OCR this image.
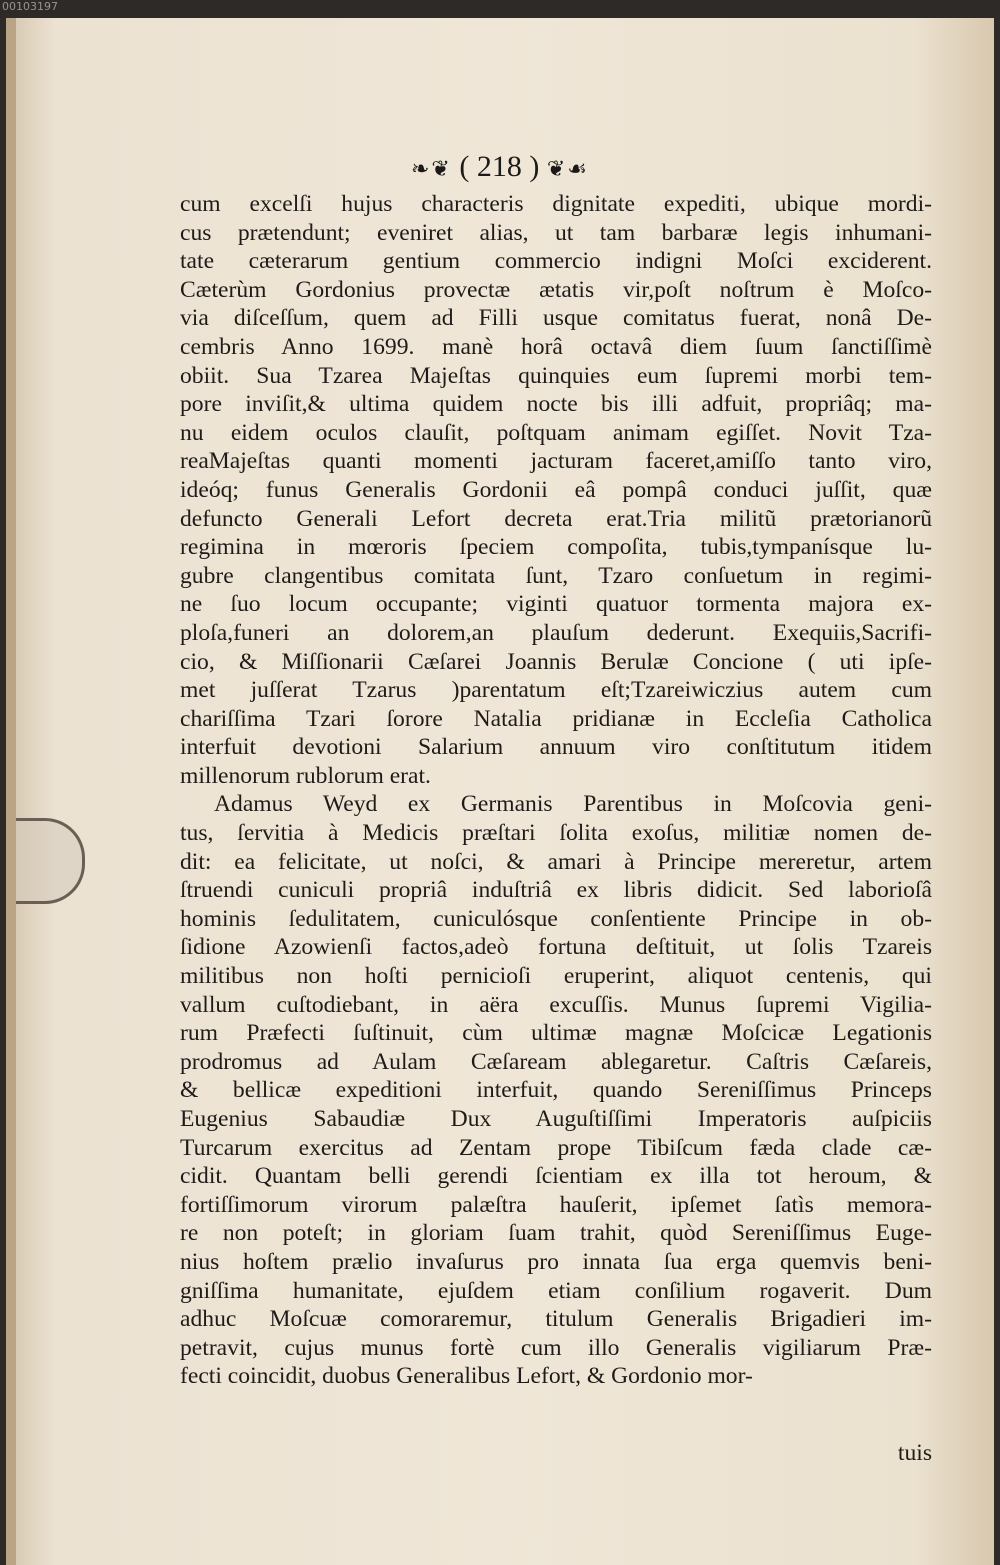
00103197
❧❦ ( 218 ) ❦☙
cum excelſi hujus characteris dignitate expediti, ubique mordi-
cus prætendunt; eveniret alias, ut tam barbaræ legis inhumani-
tate cæterarum gentium commercio indigni Moſci exciderent.
Cæterùm Gordonius provectæ ætatis vir,poſt noſtrum è Moſco-
via diſceſſum, quem ad Filli usque comitatus fuerat, nonâ De-
cembris Anno 1699. manè horâ octavâ diem ſuum ſanctiſſimè
obiit. Sua Tzarea Majeſtas quinquies eum ſupremi morbi tem-
pore inviſit,& ultima quidem nocte bis illi adfuit, propriâq; ma-
nu eidem oculos clauſit, poſtquam animam egiſſet. Novit Tza-
reaMajeſtas quanti momenti jacturam faceret,amiſſo tanto viro,
ideóq; funus Generalis Gordonii eâ pompâ conduci juſſit, quæ
defuncto Generali Lefort decreta erat.Tria militũ prætorianorũ
regimina in mœroris ſpeciem compoſita, tubis,tympanísque lu-
gubre clangentibus comitata ſunt, Tzaro conſuetum in regimi-
ne ſuo locum occupante; viginti quatuor tormenta majora ex-
ploſa,funeri an dolorem,an plauſum dederunt. Exequiis,Sacrifi-
cio, & Miſſionarii Cæſarei Joannis Berulæ Concione ( uti ipſe-
met juſſerat Tzarus )parentatum eſt;Tzareiwiczius autem cum
chariſſima Tzari ſorore Natalia pridianæ in Eccleſia Catholica
interfuit devotioni Salarium annuum viro conſtitutum itidem
millenorum rublorum erat.
Adamus Weyd ex Germanis Parentibus in Moſcovia geni-
tus, ſervitia à Medicis præſtari ſolita exoſus, militiæ nomen de-
dit: ea felicitate, ut noſci, & amari à Principe mereretur, artem
ſtruendi cuniculi propriâ induſtriâ ex libris didicit. Sed laborioſâ
hominis ſedulitatem, cuniculósque conſentiente Principe in ob-
ſidione Azowienſi factos,adeò fortuna deſtituit, ut ſolis Tzareis
militibus non hoſti pernicioſi eruperint, aliquot centenis, qui
vallum cuſtodiebant, in aëra excuſſis. Munus ſupremi Vigilia-
rum Præfecti ſuſtinuit, cùm ultimæ magnæ Moſcicæ Legationis
prodromus ad Aulam Cæſaream ablegaretur. Caſtris Cæſareis,
& bellicæ expeditioni interfuit, quando Sereniſſimus Princeps
Eugenius Sabaudiæ Dux Auguſtiſſimi Imperatoris auſpiciis
Turcarum exercitus ad Zentam prope Tibiſcum fæda clade cæ-
cidit. Quantam belli gerendi ſcientiam ex illa tot heroum, &
fortiſſimorum virorum palæſtra hauſerit, ipſemet ſatìs memora-
re non poteſt; in gloriam ſuam trahit, quòd Sereniſſimus Euge-
nius hoſtem prælio invaſurus pro innata ſua erga quemvis beni-
gniſſima humanitate, ejuſdem etiam conſilium rogaverit. Dum
adhuc Moſcuæ comoraremur, titulum Generalis Brigadieri im-
petravit, cujus munus fortè cum illo Generalis vigiliarum Præ-
fecti coincidit, duobus Generalibus Lefort, & Gordonio mor-
tuis
